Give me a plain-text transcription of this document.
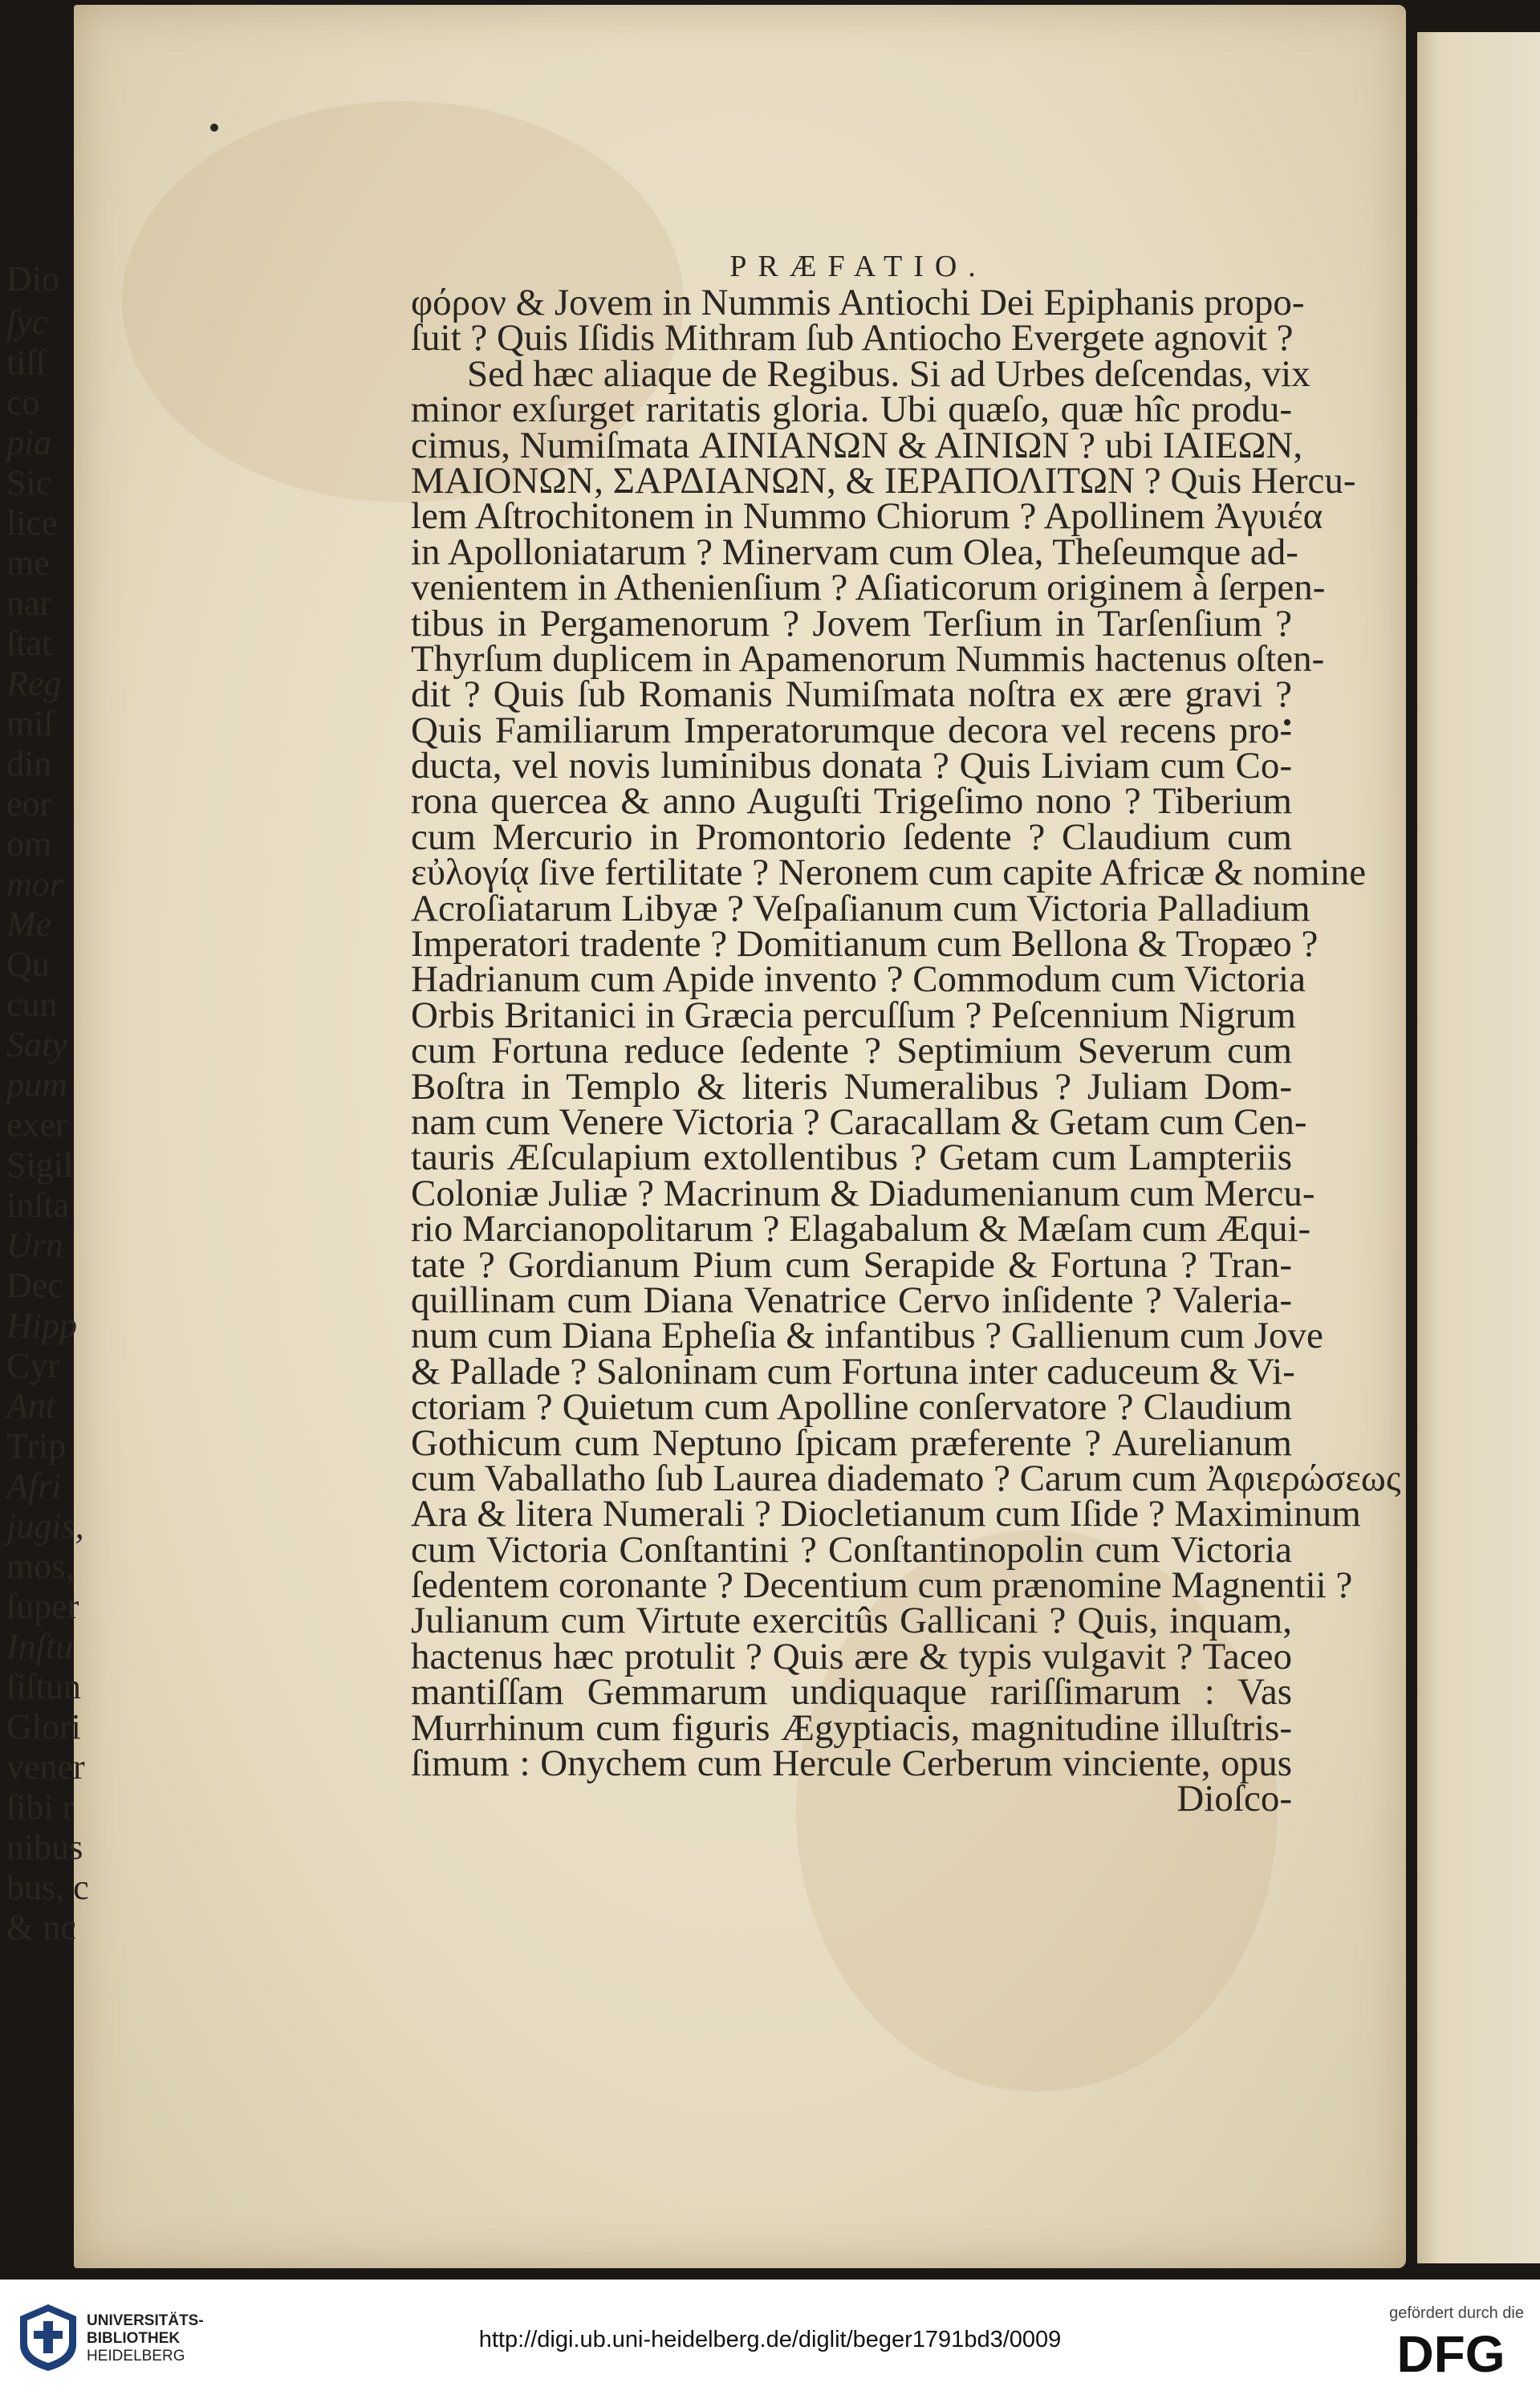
PRÆFATIO.
φόρον & Jovem in Nummis Antiochi Dei Epiphanis propo-
ſuit ? Quis Iſidis Mithram ſub Antiocho Evergete agnovit ?
Sed hæc aliaque de Regibus. Si ad Urbes deſcendas, vix
minor exſurget raritatis gloria. Ubi quæſo, quæ hîc produ-
cimus, Numiſmata ΑΙΝΙΑΝΩΝ & ΑΙΝΙΩΝ ? ubi ΙΑΙΕΩΝ,
ΜΑΙΟΝΩΝ, ΣΑΡΔΙΑΝΩΝ, & ΙΕΡΑΠΟΛΙΤΩΝ ? Quis Hercu-
lem Aſtrochitonem in Nummo Chiorum ? Apollinem Ἀγυιέα
in Apolloniatarum ? Minervam cum Olea, Theſeumque ad-
venientem in Athenienſium ? Aſiaticorum originem à ſerpen-
tibus in Pergamenorum ? Jovem Terſium in Tarſenſium ?
Thyrſum duplicem in Apamenorum Nummis hactenus oſten-
dit ? Quis ſub Romanis Numiſmata noſtra ex ære gravi ?
Quis Familiarum Imperatorumque decora vel recens pro-
ducta, vel novis luminibus donata ? Quis Liviam cum Co-
rona quercea & anno Auguſti Trigeſimo nono ? Tiberium
cum Mercurio in Promontorio ſedente ? Claudium cum
εὐλογίᾳ ſive fertilitate ? Neronem cum capite Africæ & nomine
Acroſiatarum Libyæ ? Veſpaſianum cum Victoria Palladium
Imperatori tradente ? Domitianum cum Bellona & Tropæo ?
Hadrianum cum Apide invento ? Commodum cum Victoria
Orbis Britanici in Græcia percuſſum ? Peſcennium Nigrum
cum Fortuna reduce ſedente ? Septimium Severum cum
Boſtra in Templo & literis Numeralibus ? Juliam Dom-
nam cum Venere Victoria ? Caracallam & Getam cum Cen-
tauris Æſculapium extollentibus ? Getam cum Lampteriis
Coloniæ Juliæ ? Macrinum & Diadumenianum cum Mercu-
rio Marcianopolitarum ? Elagabalum & Mæſam cum Æqui-
tate ? Gordianum Pium cum Serapide & Fortuna ? Tran-
quillinam cum Diana Venatrice Cervo inſidente ? Valeria-
num cum Diana Epheſia & infantibus ? Gallienum cum Jove
& Pallade ? Saloninam cum Fortuna inter caduceum & Vi-
ctoriam ? Quietum cum Apolline conſervatore ? Claudium
Gothicum cum Neptuno ſpicam præferente ? Aurelianum
cum Vaballatho ſub Laurea diademato ? Carum cum Ἀφιερώσεως
Ara & litera Numerali ? Diocletianum cum Iſide ? Maximinum
cum Victoria Conſtantini ? Conſtantinopolin cum Victoria
ſedentem coronante ? Decentium cum prænomine Magnentii ?
Julianum cum Virtute exercitûs Gallicani ? Quis, inquam,
hactenus hæc protulit ? Quis ære & typis vulgavit ? Taceo
mantiſſam Gemmarum undiquaque rariſſimarum : Vas
Murrhinum cum figuris Ægyptiacis, magnitudine illuſtris-
ſimum : Onychem cum Hercule Cerberum vinciente, opus
Dioſco-
Dio
ſyc
tiſſ
co
pia
Sic
lice
me
nar
ſtat
Reg
miſ
din
eor
om
mor
Me
Qu
cun
Saty
pum
exer
Sigil
inſta
Urn
Dec
Hipp
Cyr
Ant
Trip
Afri
jugis,
mos,
ſuper
Inſtu
ſiſtun
Glori
vener
ſibi r
nibus
bus, c
& nc
UNIVERSITÄTS-
BIBLIOTHEK
HEIDELBERG
http://digi.ub.uni-heidelberg.de/diglit/beger1791bd3/0009
gefördert durch die
DFG
